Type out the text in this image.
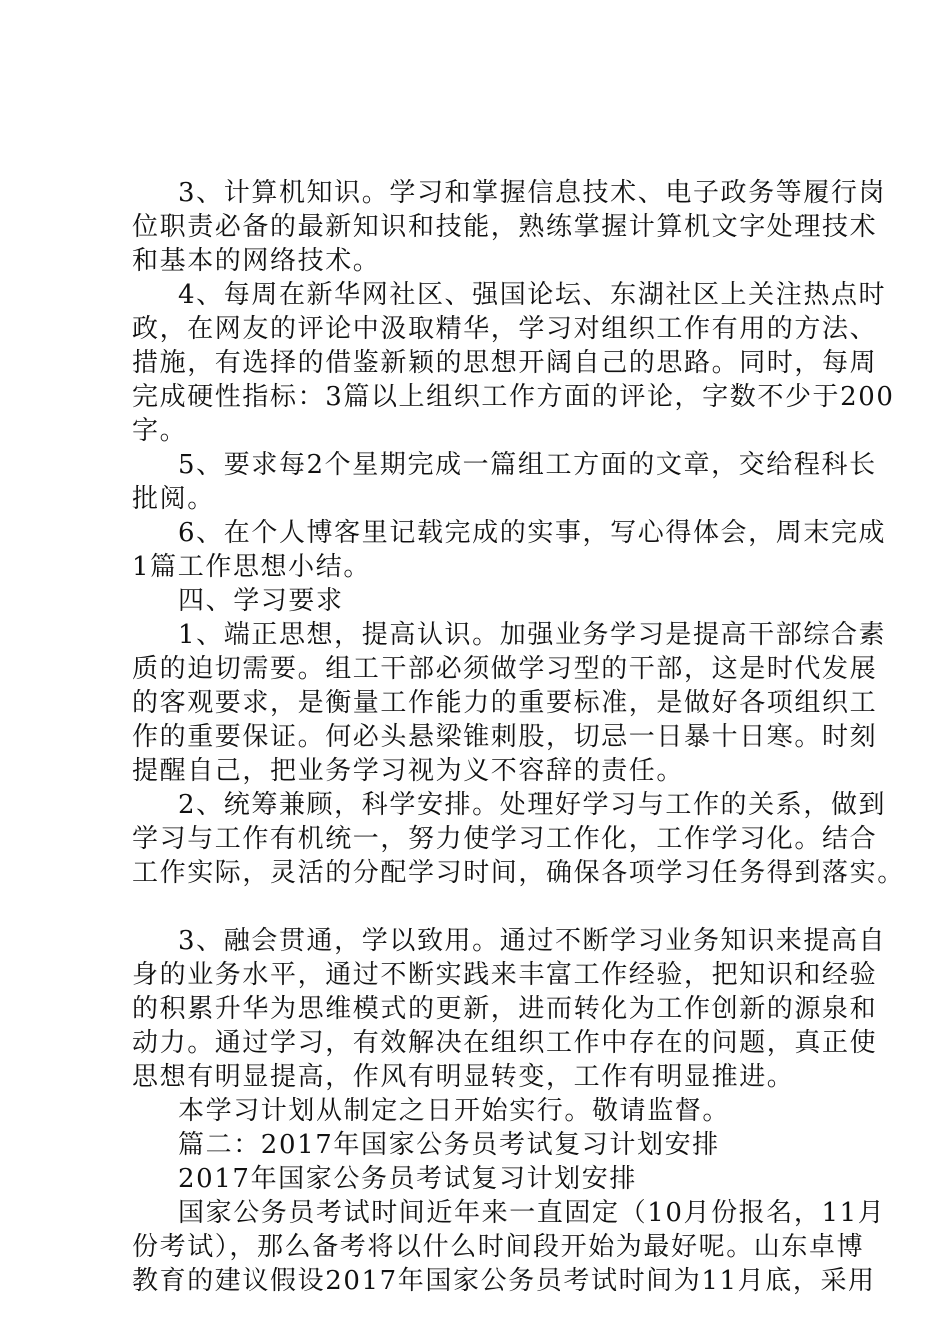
3、计算机知识。学习和掌握信息技术、电子政务等履行岗
位职责必备的最新知识和技能，熟练掌握计算机文字处理技术
和基本的网络技术。
4、每周在新华网社区、强国论坛、东湖社区上关注热点时
政，在网友的评论中汲取精华，学习对组织工作有用的方法、
措施，有选择的借鉴新颖的思想开阔自己的思路。同时，每周
完成硬性指标：3篇以上组织工作方面的评论，字数不少于200
字。
5、要求每2个星期完成一篇组工方面的文章，交给程科长
批阅。
6、在个人博客里记载完成的实事，写心得体会，周末完成
1篇工作思想小结。
四、学习要求
1、端正思想，提高认识。加强业务学习是提高干部综合素
质的迫切需要。组工干部必须做学习型的干部，这是时代发展
的客观要求，是衡量工作能力的重要标准，是做好各项组织工
作的重要保证。何必头悬梁锥刺股，切忌一日暴十日寒。时刻
提醒自己，把业务学习视为义不容辞的责任。
2、统筹兼顾，科学安排。处理好学习与工作的关系，做到
学习与工作有机统一，努力使学习工作化，工作学习化。结合
工作实际，灵活的分配学习时间，确保各项学习任务得到落实。
3、融会贯通，学以致用。通过不断学习业务知识来提高自
身的业务水平，通过不断实践来丰富工作经验，把知识和经验
的积累升华为思维模式的更新，进而转化为工作创新的源泉和
动力。通过学习，有效解决在组织工作中存在的问题，真正使
思想有明显提高，作风有明显转变，工作有明显推进。
本学习计划从制定之日开始实行。敬请监督。
篇二：2017年国家公务员考试复习计划安排
2017年国家公务员考试复习计划安排
国家公务员考试时间近年来一直固定（10月份报名，11月
份考试），那么备考将以什么时间段开始为最好呢。山东卓博
教育的建议假设2017年国家公务员考试时间为11月底，采用
